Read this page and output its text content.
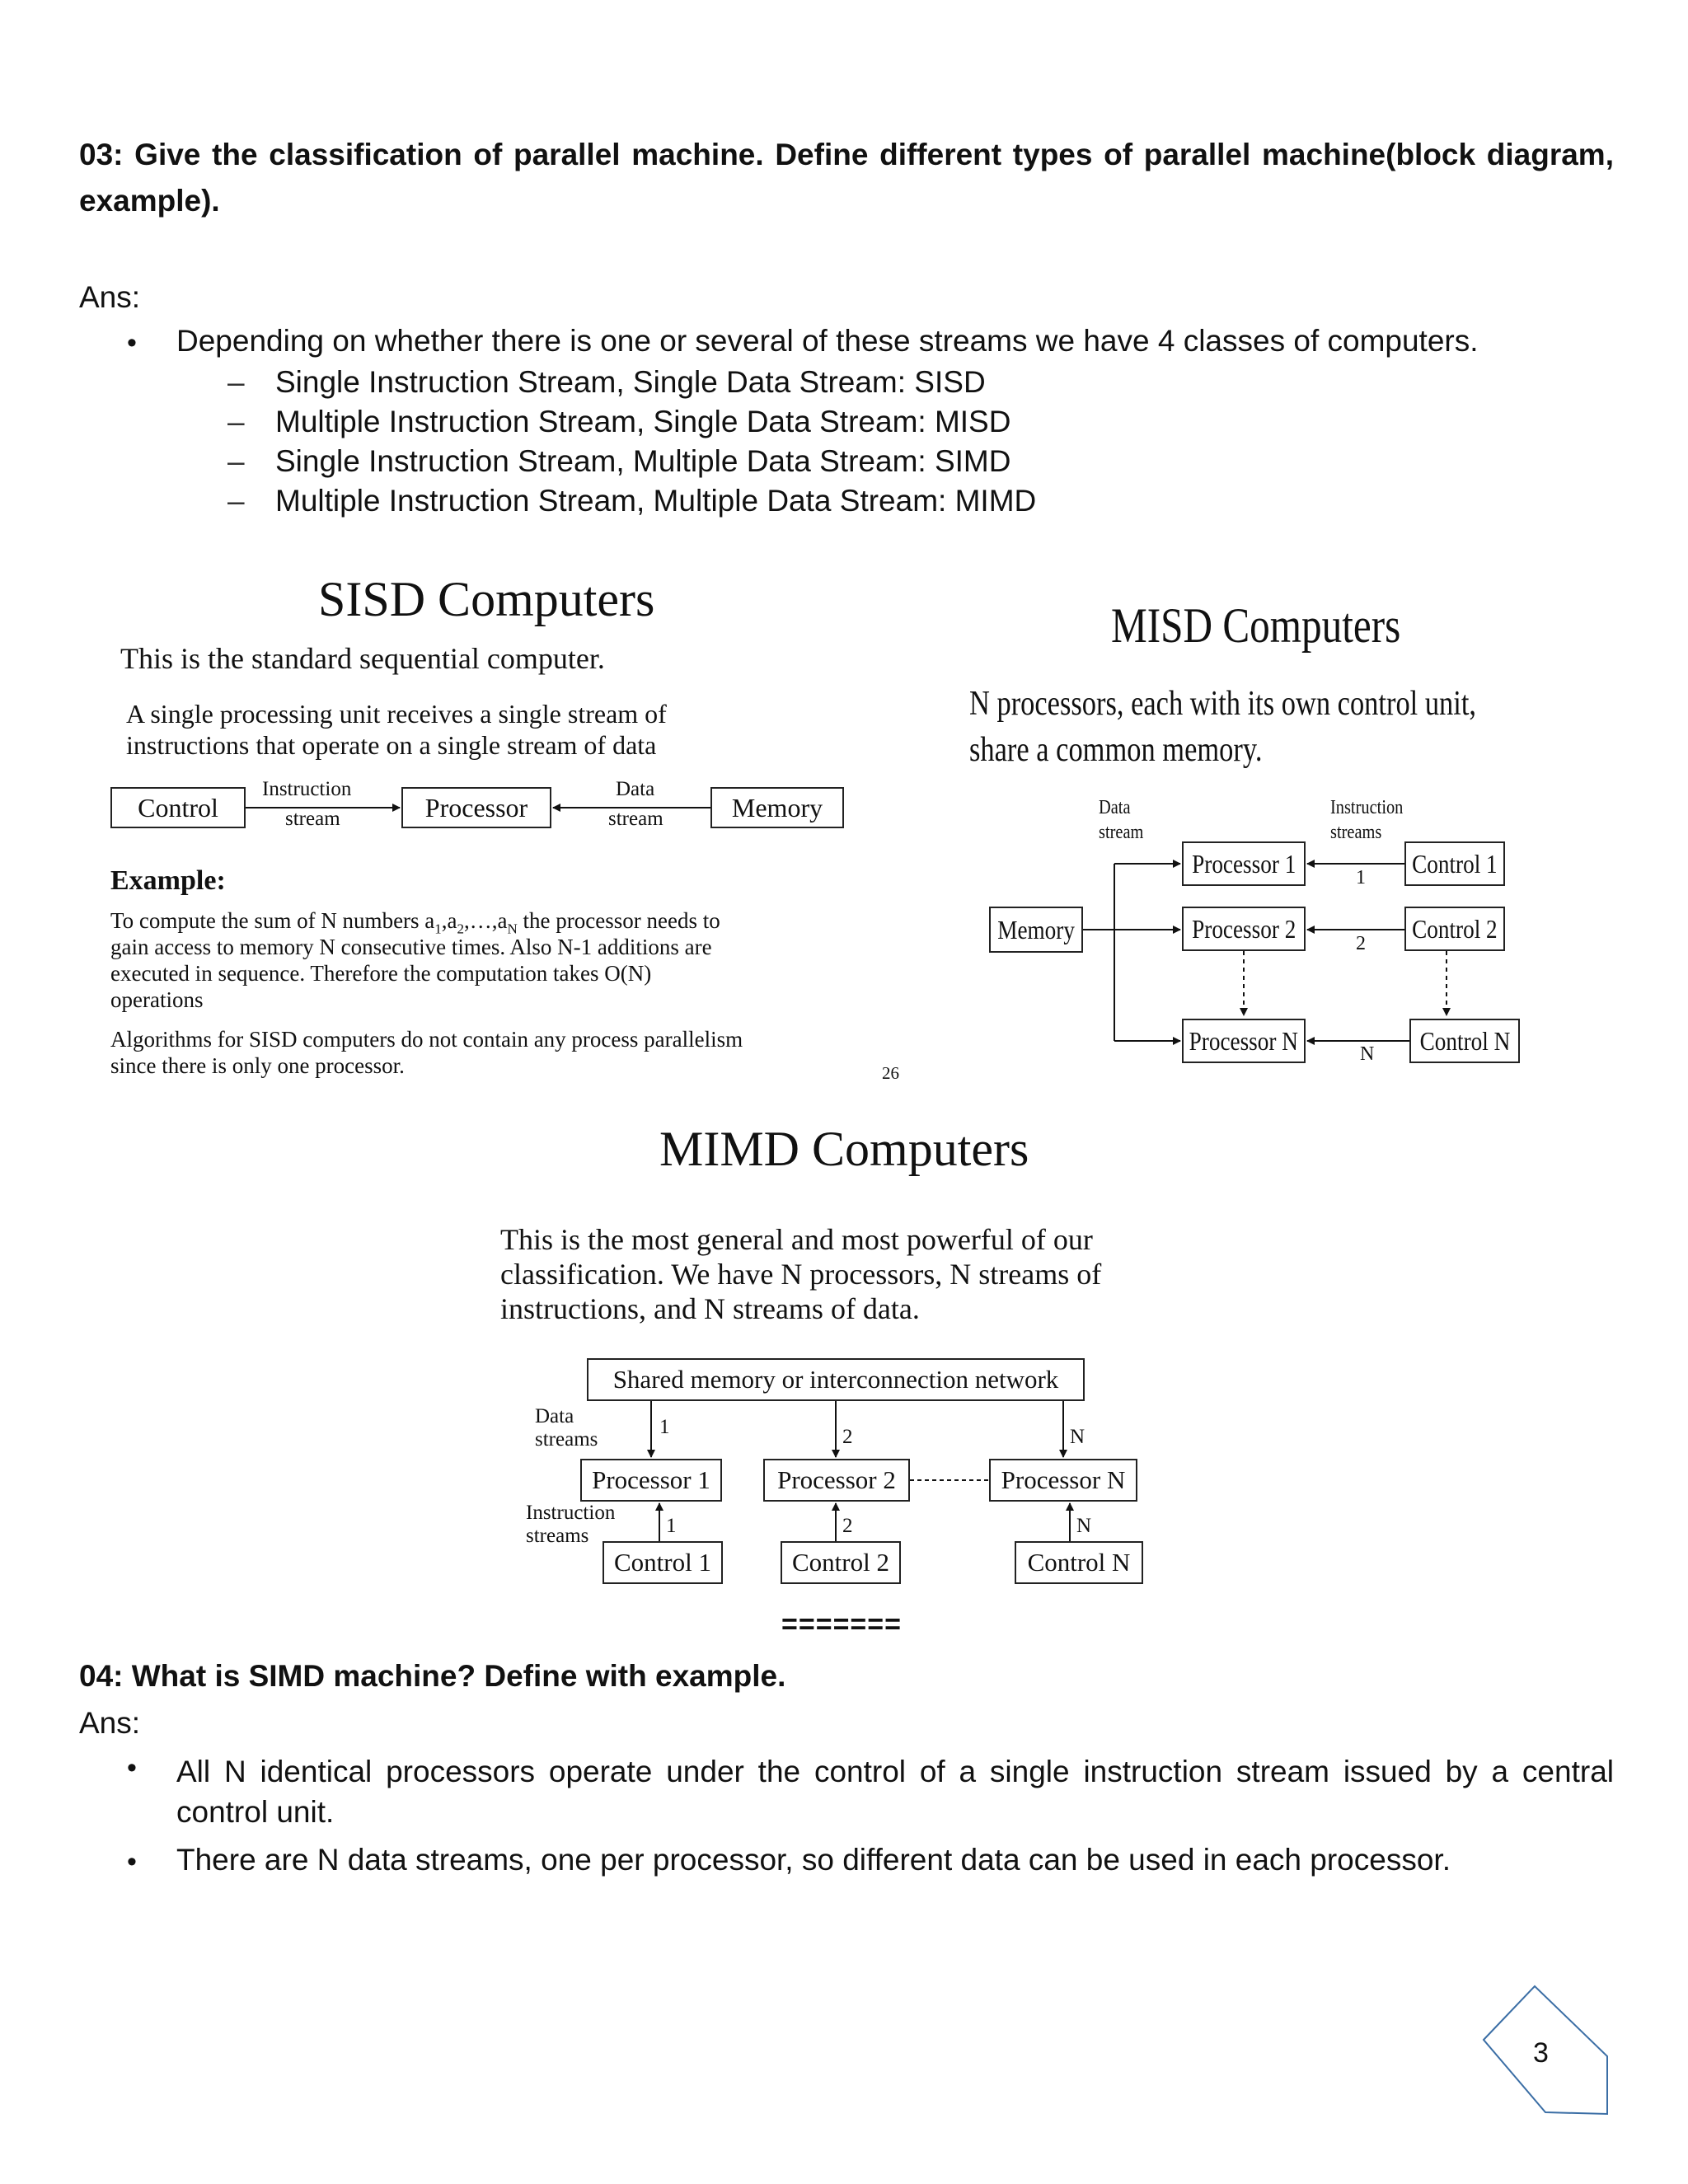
03: Give the classification of parallel machine. Define different types of parallel machine(block diagram, example).
Ans:
• Depending on whether there is one or several of these streams we have 4 classes of computers.
– Single Instruction Stream, Single Data Stream: SISD
– Multiple Instruction Stream, Single Data Stream: MISD
– Single Instruction Stream, Multiple Data Stream: SIMD
– Multiple Instruction Stream, Multiple Data Stream: MIMD
SISD Computers
This is the standard sequential computer.
A single processing unit receives a single stream of
instructions that operate on a single stream of data
Control	Processor	Memory
Instruction
stream
Data
stream
Example:
To compute the sum of N numbers $a_1,a_2,\dots,a_N$ the processor needs to
gain access to memory N consecutive times. Also N-1 additions are
executed in sequence. Therefore the computation takes O(N)
operations
Algorithms for SISD computers do not contain any process parallelism
since there is only one processor.	26
MISD Computers
N processors, each with its own control unit,
share a common memory.
Data
stream
Instruction
streams
Memory
Processor 1
Processor 2
Processor N
Control 1
Control 2
Control N
1
2
N
MIMD Computers
This is the most general and most powerful of our
classification. We have N processors, N streams of
instructions, and N streams of data.
Shared memory or interconnection network
Data
streams
Instruction
streams
Processor 1	Processor 2	Processor N
Control 1	Control 2	Control N
1	2	N
1	2	N
=======
04: What is SIMD machine? Define with example.
Ans:
• All N identical processors operate under the control of a single instruction stream issued by a central
control unit.
• There are N data streams, one per processor, so different data can be used in each processor.
3
